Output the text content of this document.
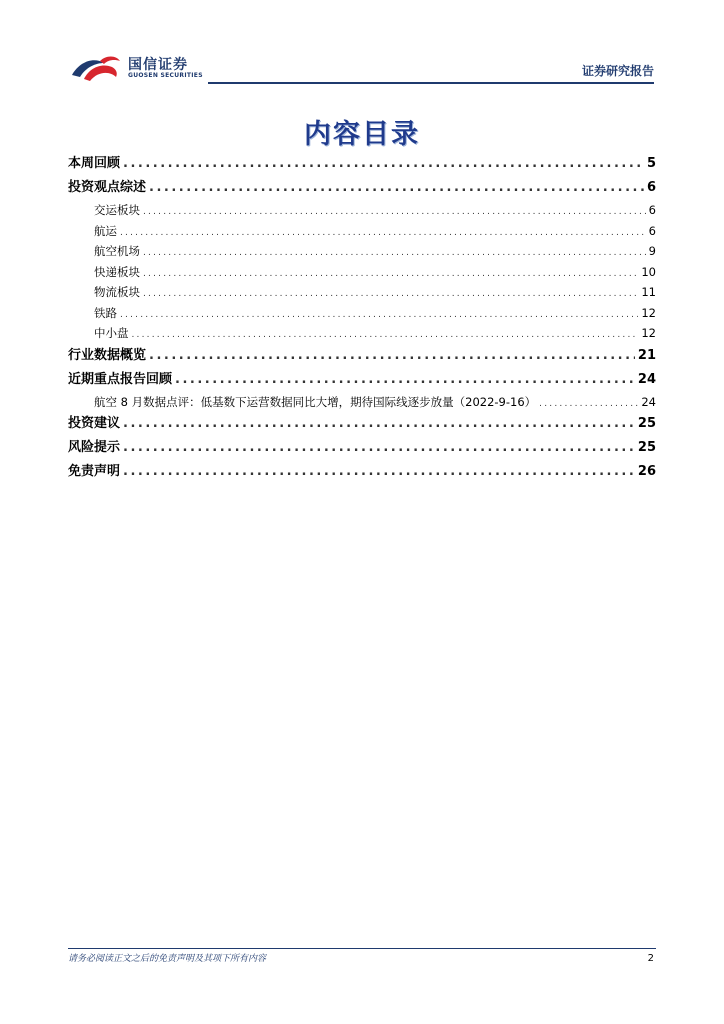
国信证券
GUOSEN SECURITIES	证券研究报告
内容目录
本周回顾 .....	5
投资观点综述 .....	6
交运板块 .....	6
航运 .....	6
航空机场 .....	9
快递板块 .....	10
物流板块 .....	11
铁路 .....	12
中小盘 .....	12
行业数据概览 .....	21
近期重点报告回顾 .....	24
航空 8 月数据点评：低基数下运营数据同比大增，期待国际线逐步放量（2022-9-16） .....	24
投资建议 .....	25
风险提示 .....	25
免责声明 .....	26
请务必阅读正文之后的免责声明及其项下所有内容	2
